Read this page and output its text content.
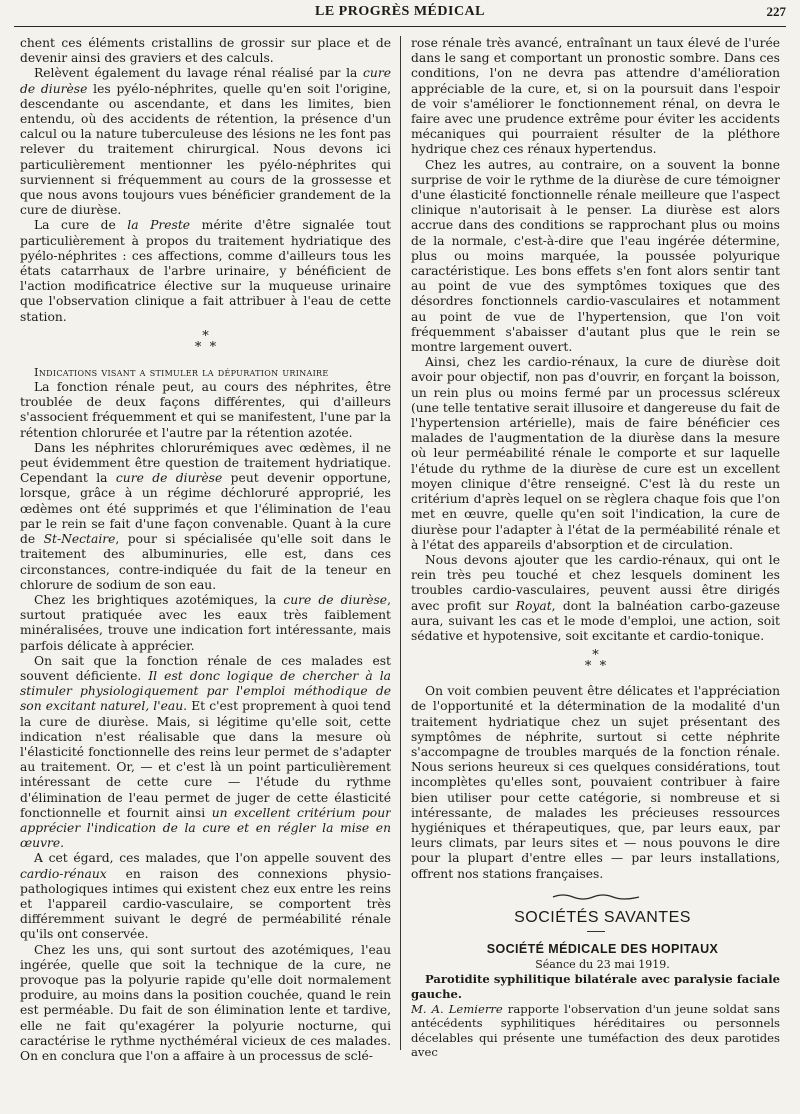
LE PROGRÈS MÉDICAL	227

chent ces éléments cristallins de grossir sur place et de devenir ainsi des graviers et des calculs.

Relèvent également du lavage rénal réalisé par la cure de diurèse les pyélo-néphrites, quelle qu'en soit l'origine, descendante ou ascendante, et dans les limites, bien entendu, où des accidents de rétention, la présence d'un calcul ou la nature tuberculeuse des lésions ne les font pas relever du traitement chirurgical. Nous devons ici particulièrement mentionner les pyélo-néphrites qui surviennent si fréquemment au cours de la grossesse et que nous avons toujours vues bénéficier grandement de la cure de diurèse.

La cure de la Preste mérite d'être signalée tout particulièrement à propos du traitement hydriatique des pyélo-néphrites : ces affections, comme d'ailleurs tous les états catarrhaux de l'arbre urinaire, y bénéficient de l'action modificatrice élective sur la muqueuse urinaire que l'observation clinique a fait attribuer à l'eau de cette station.

*
*  *

Indications visant a stimuler la dépuration urinaire

La fonction rénale peut, au cours des néphrites, être troublée de deux façons différentes, qui d'ailleurs s'associent fréquemment et qui se manifestent, l'une par la rétention chlorurée et l'autre par la rétention azotée.

Dans les néphrites chlorurémiques avec œdèmes, il ne peut évidemment être question de traitement hydriatique. Cependant la cure de diurèse peut devenir opportune, lorsque, grâce à un régime déchloruré approprié, les œdèmes ont été supprimés et que l'élimination de l'eau par le rein se fait d'une façon convenable. Quant à la cure de St-Nectaire, pour si spécialisée qu'elle soit dans le traitement des albuminuries, elle est, dans ces circonstances, contre-indiquée du fait de la teneur en chlorure de sodium de son eau.

Chez les brightiques azotémiques, la cure de diurèse, surtout pratiquée avec les eaux très faiblement minéralisées, trouve une indication fort intéressante, mais parfois délicate à apprécier.

On sait que la fonction rénale de ces malades est souvent déficiente. Il est donc logique de chercher à la stimuler physiologiquement par l'emploi méthodique de son excitant naturel, l'eau. Et c'est proprement à quoi tend la cure de diurèse. Mais, si légitime qu'elle soit, cette indication n'est réalisable que dans la mesure où l'élasticité fonctionnelle des reins leur permet de s'adapter au traitement. Or, — et c'est là un point particulièrement intéressant de cette cure — l'étude du rythme d'élimination de l'eau permet de juger de cette élasticité fonctionnelle et fournit ainsi un excellent critérium pour apprécier l'indication de la cure et en régler la mise en œuvre.

A cet égard, ces malades, que l'on appelle souvent des cardio-rénaux en raison des connexions physio-pathologiques intimes qui existent chez eux entre les reins et l'appareil cardio-vasculaire, se comportent très différemment suivant le degré de perméabilité rénale qu'ils ont conservée.

Chez les uns, qui sont surtout des azotémiques, l'eau ingérée, quelle que soit la technique de la cure, ne provoque pas la polyurie rapide qu'elle doit normalement produire, au moins dans la position couchée, quand le rein est perméable. Du fait de son élimination lente et tardive, elle ne fait qu'exagérer la polyurie nocturne, qui caractérise le rythme nycthéméral vicieux de ces malades. On en conclura que l'on a affaire à un processus de sclé-

rose rénale très avancé, entraînant un taux élevé de l'urée dans le sang et comportant un pronostic sombre. Dans ces conditions, l'on ne devra pas attendre d'amélioration appréciable de la cure, et, si on la poursuit dans l'espoir de voir s'améliorer le fonctionnement rénal, on devra le faire avec une prudence extrême pour éviter les accidents mécaniques qui pourraient résulter de la pléthore hydrique chez ces rénaux hypertendus.

Chez les autres, au contraire, on a souvent la bonne surprise de voir le rythme de la diurèse de cure témoigner d'une élasticité fonctionnelle rénale meilleure que l'aspect clinique n'autorisait à le penser. La diurèse est alors accrue dans des conditions se rapprochant plus ou moins de la normale, c'est-à-dire que l'eau ingérée détermine, plus ou moins marquée, la poussée polyurique caractéristique. Les bons effets s'en font alors sentir tant au point de vue des symptômes toxiques que des désordres fonctionnels cardio-vasculaires et notamment au point de vue de l'hypertension, que l'on voit fréquemment s'abaisser d'autant plus que le rein se montre largement ouvert.

Ainsi, chez les cardio-rénaux, la cure de diurèse doit avoir pour objectif, non pas d'ouvrir, en forçant la boisson, un rein plus ou moins fermé par un processus scléreux (une telle tentative serait illusoire et dangereuse du fait de l'hypertension artérielle), mais de faire bénéficier ces malades de l'augmentation de la diurèse dans la mesure où leur perméabilité rénale le comporte et sur laquelle l'étude du rythme de la diurèse de cure est un excellent moyen clinique d'être renseigné. C'est là du reste un critérium d'après lequel on se règlera chaque fois que l'on met en œuvre, quelle qu'en soit l'indication, la cure de diurèse pour l'adapter à l'état de la perméabilité rénale et à l'état des appareils d'absorption et de circulation.

Nous devons ajouter que les cardio-rénaux, qui ont le rein très peu touché et chez lesquels dominent les troubles cardio-vasculaires, peuvent aussi être dirigés avec profit sur Royat, dont la balnéation carbo-gazeuse aura, suivant les cas et le mode d'emploi, une action, soit sédative et hypotensive, soit excitante et cardio-tonique.

*
*  *

On voit combien peuvent être délicates et l'appréciation de l'opportunité et la détermination de la modalité d'un traitement hydriatique chez un sujet présentant des symptômes de néphrite, surtout si cette néphrite s'accompagne de troubles marqués de la fonction rénale. Nous serions heureux si ces quelques considérations, tout incomplètes qu'elles sont, pouvaient contribuer à faire bien utiliser pour cette catégorie, si nombreuse et si intéressante, de malades les précieuses ressources hygiéniques et thérapeutiques, que, par leurs eaux, par leurs climats, par leurs sites et — nous pouvons le dire pour la plupart d'entre elles — par leurs installations, offrent nos stations françaises.

SOCIÉTÉS SAVANTES

SOCIÉTÉ MÉDICALE DES HOPITAUX

Séance du 23 mai 1919.

Parotidite syphilitique bilatérale avec paralysie faciale gauche.

M. A. Lemierre rapporte l'observation d'un jeune soldat sans antécédents syphilitiques héréditaires ou personnels décelables qui présente une tuméfaction des deux parotides avec
